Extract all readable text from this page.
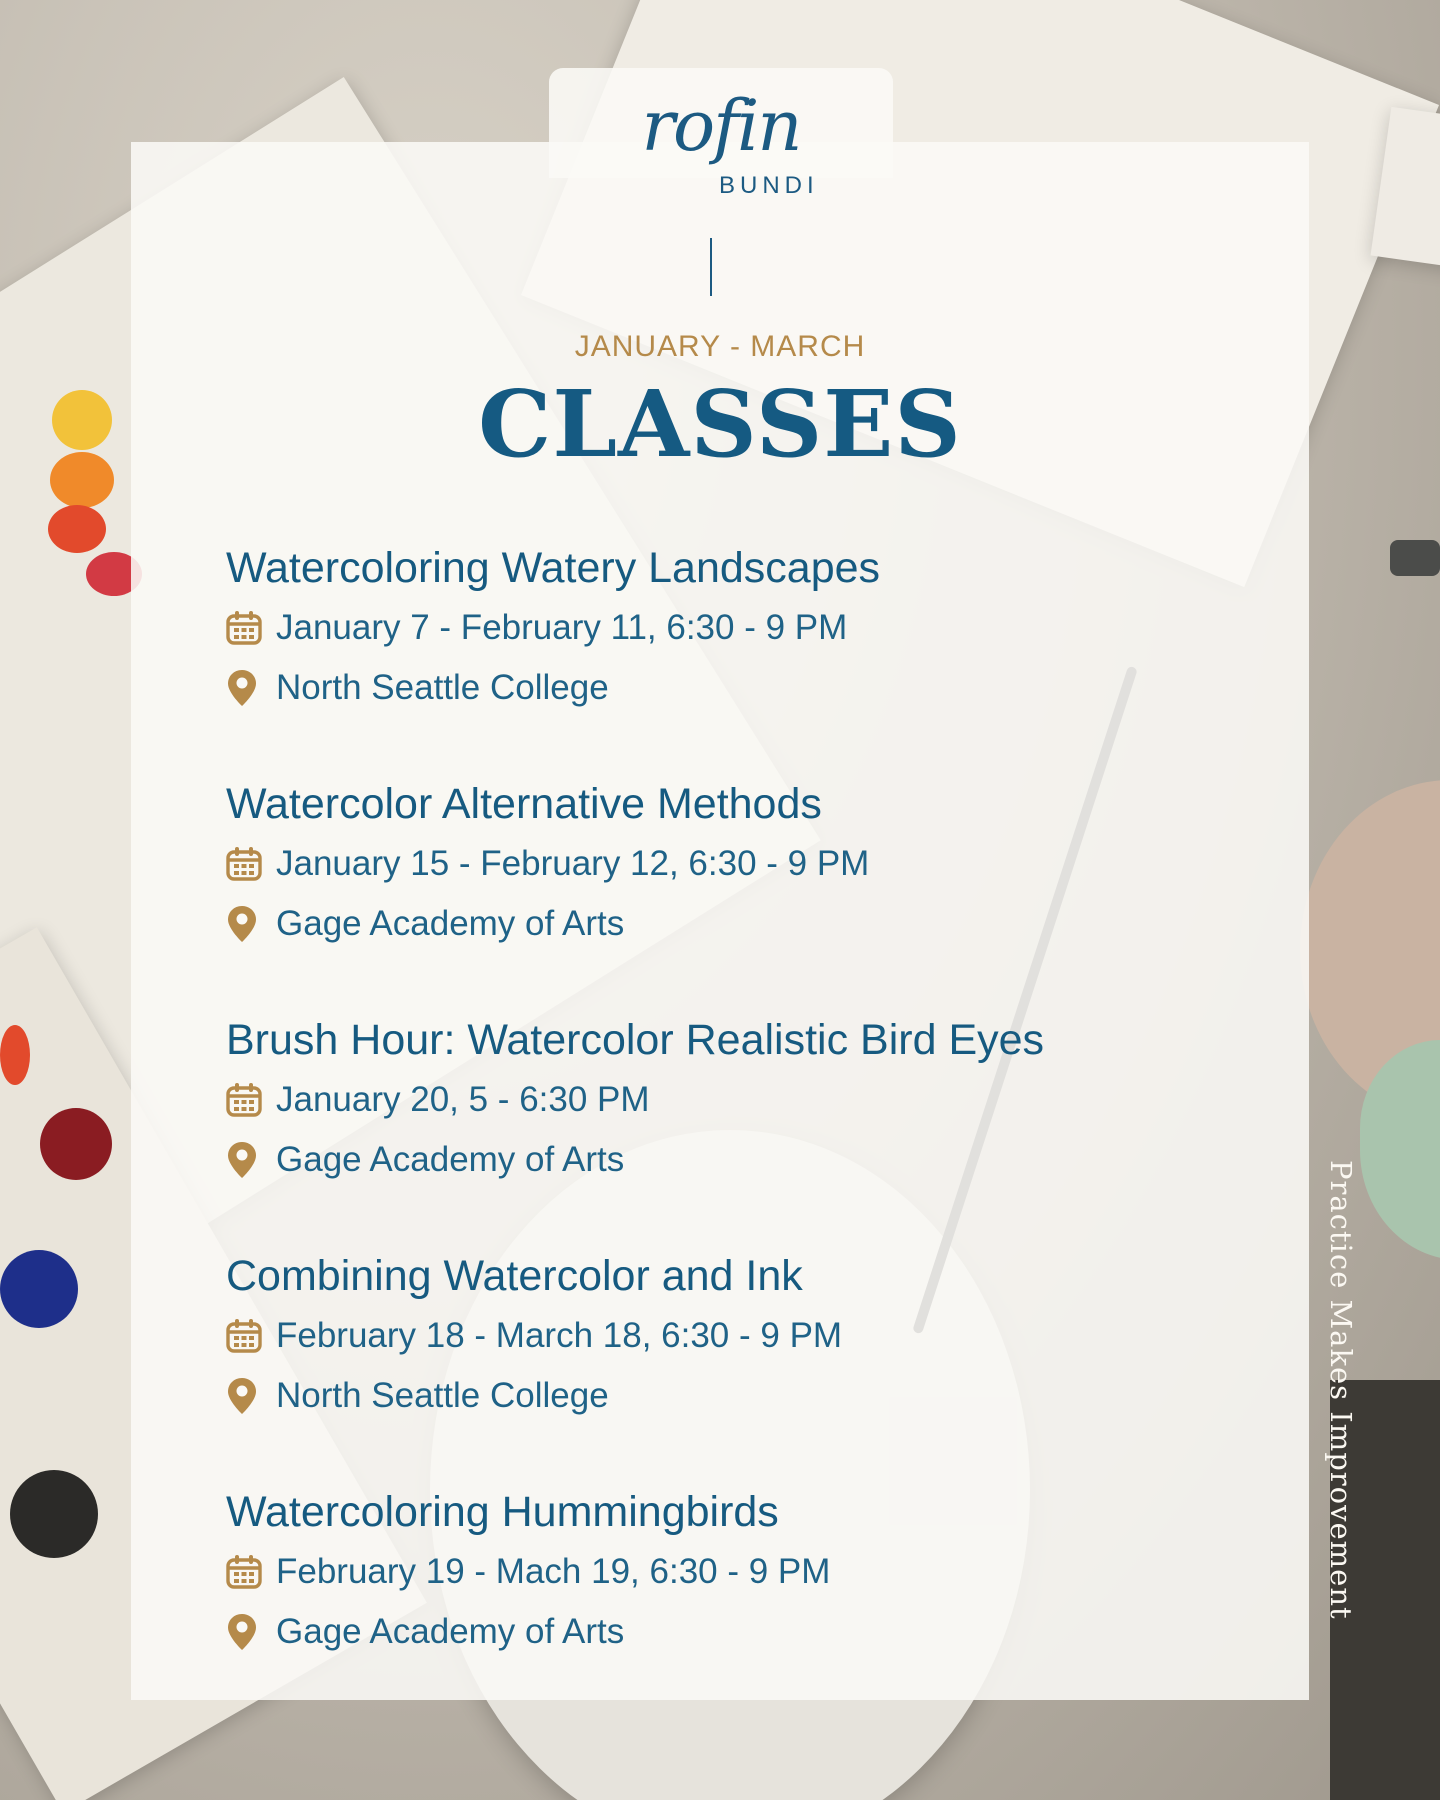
rofin
BUNDI
JANUARY - MARCH
CLASSES
Watercoloring Watery Landscapes
January 7 - February 11, 6:30 - 9 PM
North Seattle College
Watercolor Alternative Methods
January 15 - February 12, 6:30 - 9 PM
Gage Academy of Arts
Brush Hour: Watercolor Realistic Bird Eyes
January 20, 5 - 6:30 PM
Gage Academy of Arts
Combining Watercolor and Ink
February 18 - March 18, 6:30 - 9 PM
North Seattle College
Watercoloring Hummingbirds
February 19 - Mach 19, 6:30 - 9 PM
Gage Academy of Arts
Practice Makes Improvement
